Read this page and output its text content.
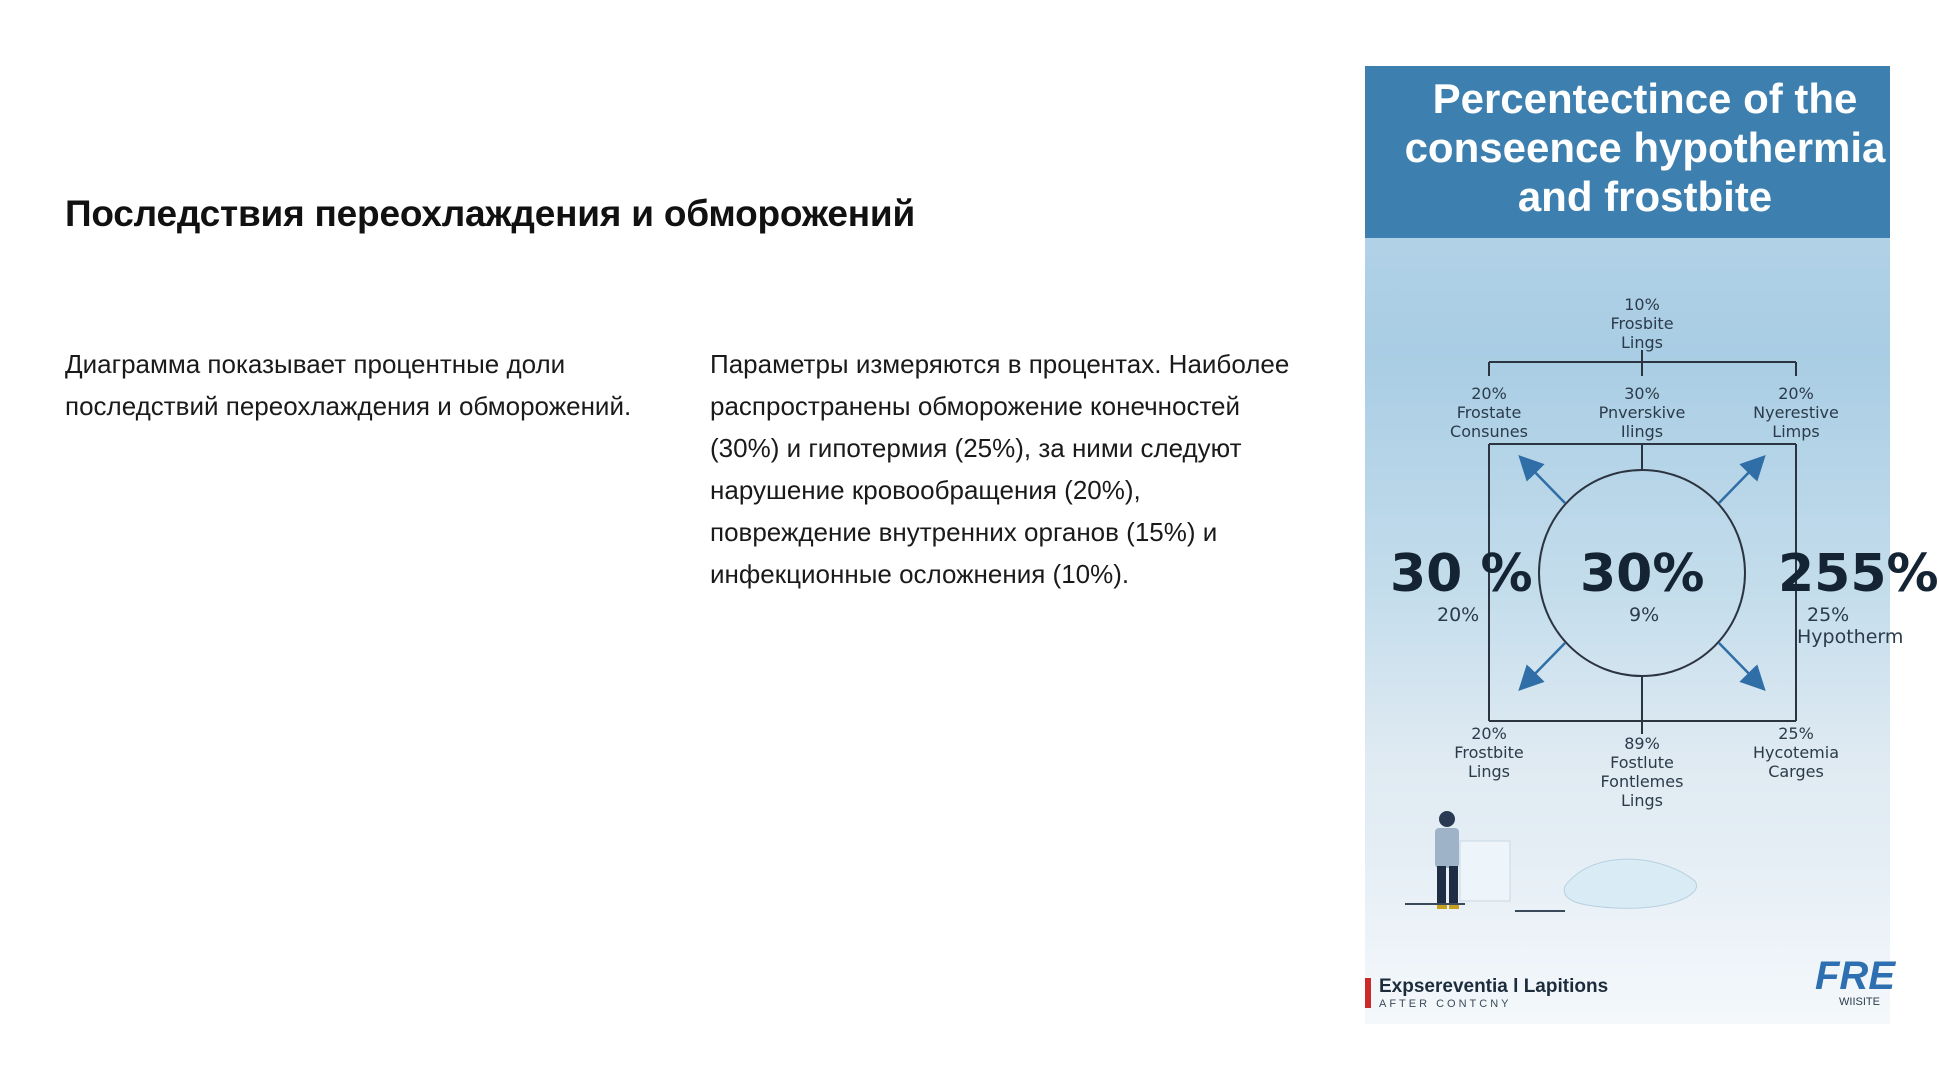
Последствия переохлаждения и обморожений

Диаграмма показывает процентные доли последствий переохлаждения и обморожений.

Параметры измеряются в процентах. Наиболее распространены обморожение конечностей (30%) и гипотермия (25%), за ними следуют нарушение кровообращения (20%), повреждение внутренних органов (15%) и инфекционные осложнения (10%).

Percentectince of the
conseence hypothermia
and frostbite
10%
Frosbite
Lings
20%
Frostate
Consunes
30%
Pnverskive
Ilings
20%
Nyerestive
Limps
30 %
20%
30%
9%
255%
25%
Hypotherm
20%
Frostbite
Lings
89%
Fostlute
Fontlemes
Lings
25%
Hycotemia
Carges
Expsereventia l Lapitions
AFTER CONTCNY
FRE
WIISITE
